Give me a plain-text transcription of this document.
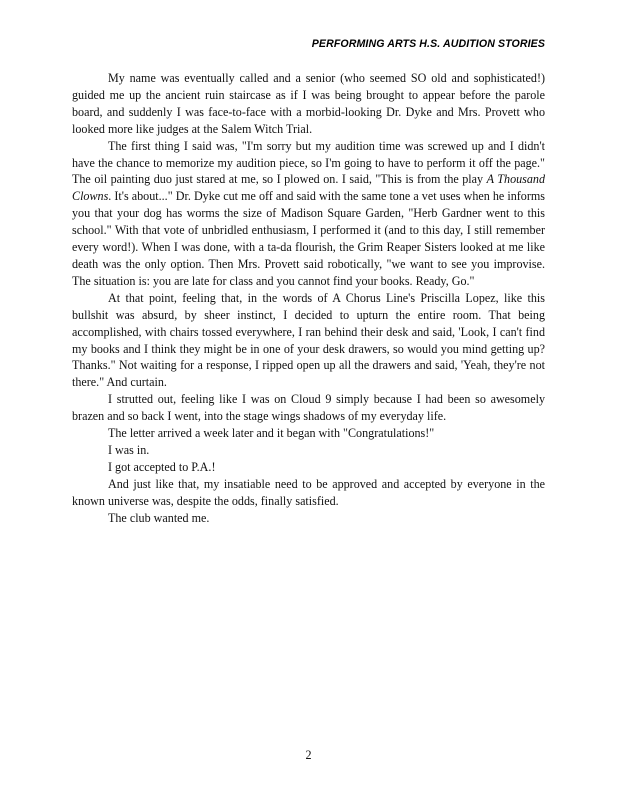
PERFORMING ARTS H.S. AUDITION STORIES

My name was eventually called and a senior (who seemed SO old and sophisticated!) guided me up the ancient ruin staircase as if I was being brought to appear before the parole board, and suddenly I was face-to-face with a morbid-looking Dr. Dyke and Mrs. Provett who looked more like judges at the Salem Witch Trial.

The first thing I said was, "I'm sorry but my audition time was screwed up and I didn't have the chance to memorize my audition piece, so I'm going to have to perform it off the page." The oil painting duo just stared at me, so I plowed on. I said, "This is from the play A Thousand Clowns. It's about..." Dr. Dyke cut me off and said with the same tone a vet uses when he informs you that your dog has worms the size of Madison Square Garden, "Herb Gardner went to this school." With that vote of unbridled enthusiasm, I performed it (and to this day, I still remember every word!). When I was done, with a ta-da flourish, the Grim Reaper Sisters looked at me like death was the only option. Then Mrs. Provett said robotically, "we want to see you improvise. The situation is: you are late for class and you cannot find your books. Ready, Go."

At that point, feeling that, in the words of A Chorus Line's Priscilla Lopez, like this bullshit was absurd, by sheer instinct, I decided to upturn the entire room. That being accomplished, with chairs tossed everywhere, I ran behind their desk and said, 'Look, I can't find my books and I think they might be in one of your desk drawers, so would you mind getting up? Thanks." Not waiting for a response, I ripped open up all the drawers and said, 'Yeah, they're not there." And curtain.

I strutted out, feeling like I was on Cloud 9 simply because I had been so awesomely brazen and so back I went, into the stage wings shadows of my everyday life.

The letter arrived a week later and it began with "Congratulations!"

I was in.

I got accepted to P.A.!

And just like that, my insatiable need to be approved and accepted by everyone in the known universe was, despite the odds, finally satisfied.

The club wanted me.

2
